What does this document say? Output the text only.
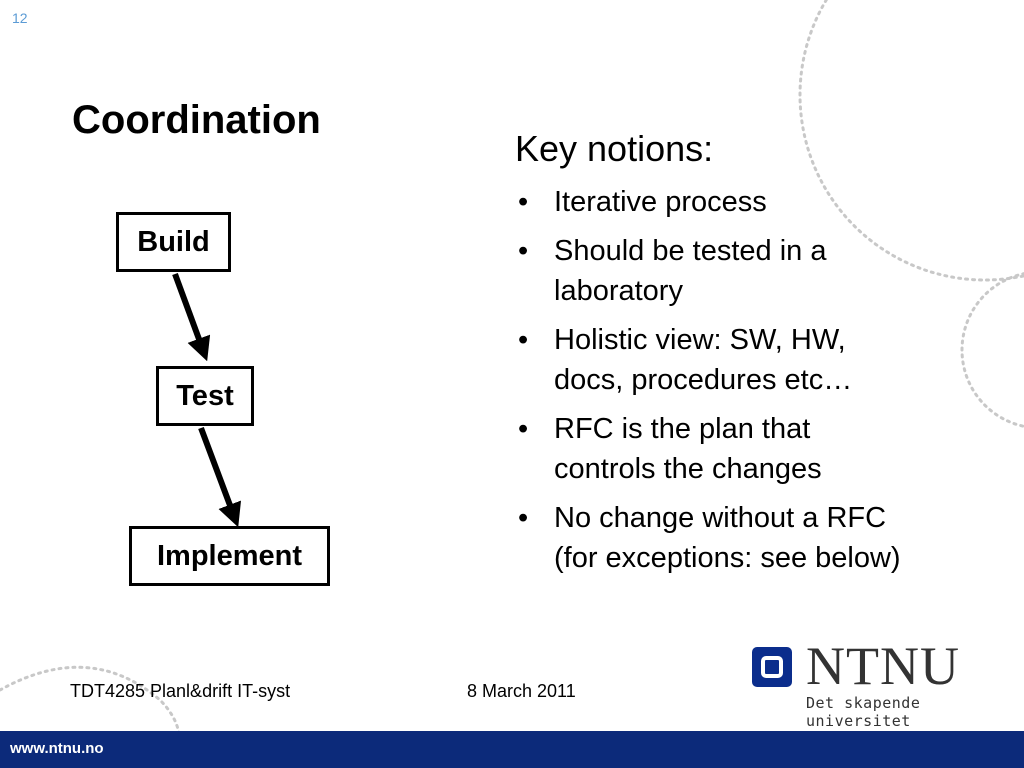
12
Coordination
Build
Test
Implement
Key notions:
• Iterative process
• Should be tested in a laboratory
• Holistic view: SW, HW, docs, procedures etc…
• RFC is the plan that controls the changes
• No change without a RFC (for exceptions: see below)
TDT4285 Planl&drift IT-syst	8 March 2011	NTNU
Det skapende universitet
www.ntnu.no
